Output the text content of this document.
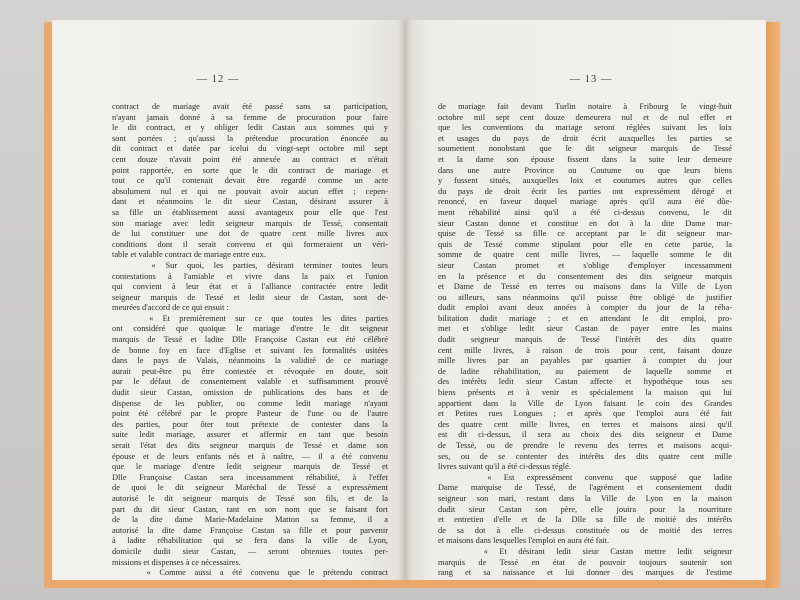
— 12 —
contract de mariage avait été passé sans sa participation,
n'ayant jamais donné à sa femme de procuration pour faire
le dit contract, et y obliger ledit Castan aux sommes qui y
sont portées ; qu'aussi la prétendue procuration énoncée au
dit contract et datée par icelui du vingt-sept octobre mil sept
cent douze n'avait point été annexée au contract et n'était
point rapportée, en sorte que le dit contract de mariage et
tout ce qu'il contenait devait être regardé comme un acte
absolument nul et qui ne pouvait avoir aucun effet ; cepen-
dant et néanmoins le dit sieur Castan, désirant assurer à
sa fille un établissement aussi avantageux pour elle que l'est
son mariage avec ledit seigneur marquis de Tessé, consentait
de lui constituer une dot de quatre cent mille livres aux
conditions dont il serait convenu et qui formeraient un véri-
table et valable contract de mariage entre eux.
« Sur quoi, les parties, désirant terminer toutes leurs
contestations à l'amiable et vivre dans la paix et l'union
qui convient à leur état et à l'alliance contractée entre ledit
seigneur marquis de Tessé et ledit sieur de Castan, sont de-
meurées d'accord de ce qui ensuit :
« Et premièrement sur ce que toutes les dites parties
ont considéré que quoique le mariage d'entre le dit seigneur
marquis de Tessé et ladite Dlle Françoise Castan eut été célébré
de bonne foy en face d'Eglise et suivant les formalités usitées
dans le pays de Valais, néanmoins la validité de ce mariage
aurait peut-être pu être contestée et révoquée en doute, soit
par le défaut de consentement valable et suffisamment prouvé
dudit sieur Castan, omission de publications des bans et de
dispense de les publier, ou comme ledit mariage n'ayant
point été célébré par le propre Pasteur de l'une ou de l'autre
des parties, pour ôter tout prétexte de contester dans la
suite ledit mariage, assurer et affermir en tant que besoin
serait l'état des dits seigneur marquis de Tessé et dame son
épouse et de leurs enfants nés et à naître, — il a été convenu
que le mariage d'entre ledit seigneur marquis de Tessé et
Dlle Françoise Castan sera incessamment réhabilité, à l'effet
de quoi le dit seigneur Maréchal de Tessé a expressément
autorisé le dit seigneur marquis de Tessé son fils, et de la
part du dit sieur Castan, tant en son nom que se faisant fort
de la dite dame Marie-Madelaine Matton sa femme, il a
autorisé la dite dame Françoise Castan sa fille et pour parvenir
à ladite réhabilitation qui se fera dans la ville de Lyon,
domicile dudit sieur Castan, — seront obtenues toutes per-
missions et dispenses à ce nécessaires.
« Comme aussi a été convenu que le prétendu contract
— 13 —
de mariage fait devant Turlin notaire à Fribourg le vingt-huit
octobre mil sept cent douze demeurera nul et de nul effet et
que les conventions du mariage seront réglées suivant les loix
et usages du pays de droit écrit auxquelles les parties se
soumettent nonobstant que le dit seigneur marquis de Tessé
et la dame son épouse fissent dans la suite leur demeure
dans une autre Province ou Coutume ou que leurs biens
y fussent situés, auxquelles loix et coutumes autres que celles
du pays de droit écrit les parties ont expressément dérogé et
renoncé, en faveur duquel mariage après qu'il aura été dûe-
ment réhabilité ainsi qu'il a été ci-dessus convenu, le dit
sieur Castan donne et constitue en dot à la dite Dame mar-
quise de Tessé sa fille ce acceptant par le dit seigneur mar-
quis de Tessé comme stipulant pour elle en cette partie, la
somme de quatre cent mille livres, — laquelle somme le dit
sieur Castan promet et s'oblige d'employer incessamment
en la présence et du consentement des dits seigneur marquis
et Dame de Tessé en terres ou maisons dans la Ville de Lyon
ou ailleurs, sans néanmoins qu'il puisse être obligé de justifier
dudit emploi avant deux années à compter du jour de la réha-
bilitation dudit mariage ; et en attendant le dit emploi, pro-
met et s'oblige ledit sieur Castan de payer entre les mains
dudit seigneur marquis de Tessé l'intérêt des dits quatre
cent mille livres, à raison de trois pour cent, faisant douze
mille livres par an payables par quartier à compter du jour
de ladite réhabilitation, au paiement de laquelle somme et
des intérêts ledit sieur Castan affecte et hypothèque tous ses
biens présents et à venir et spécialement la maison qui lui
appartient dans la Ville de Lyon faisant le coin des Grandes
et Petites rues Longues ; et après que l'emploi aura été fait
des quatre cent mille livres, en terres et maisons ainsi qu'il
est dit ci-dessus, il sera au choix des dits seigneur et Dame
de Tessé, ou de prendre le revenu des terres et maisons acqui-
ses, ou de se contenter des intérêts des dits quatre cent mille
livres suivant qu'il a été ci-dessus réglé.
« Est expressément convenu que supposé que ladite
Dame marquise de Tessé, de l'agrément et consentement dudit
seigneur son mari, restant dans la Ville de Lyon en la maison
dudit sieur Castan son père, elle jouira pour la nourriture
et entretien d'elle et de la Dlle sa fille de moitié des intérêts
de sa dot à elle ci-dessus constituée ou de moitié des terres
et maisons dans lesquelles l'emploi en aura été fait.
« Et désirant ledit sieur Castan mettre ledit seigneur
marquis de Tessé en état de pouvoir toujours soutenir son
rang et sa naissance et lui donner des marques de l'estime
